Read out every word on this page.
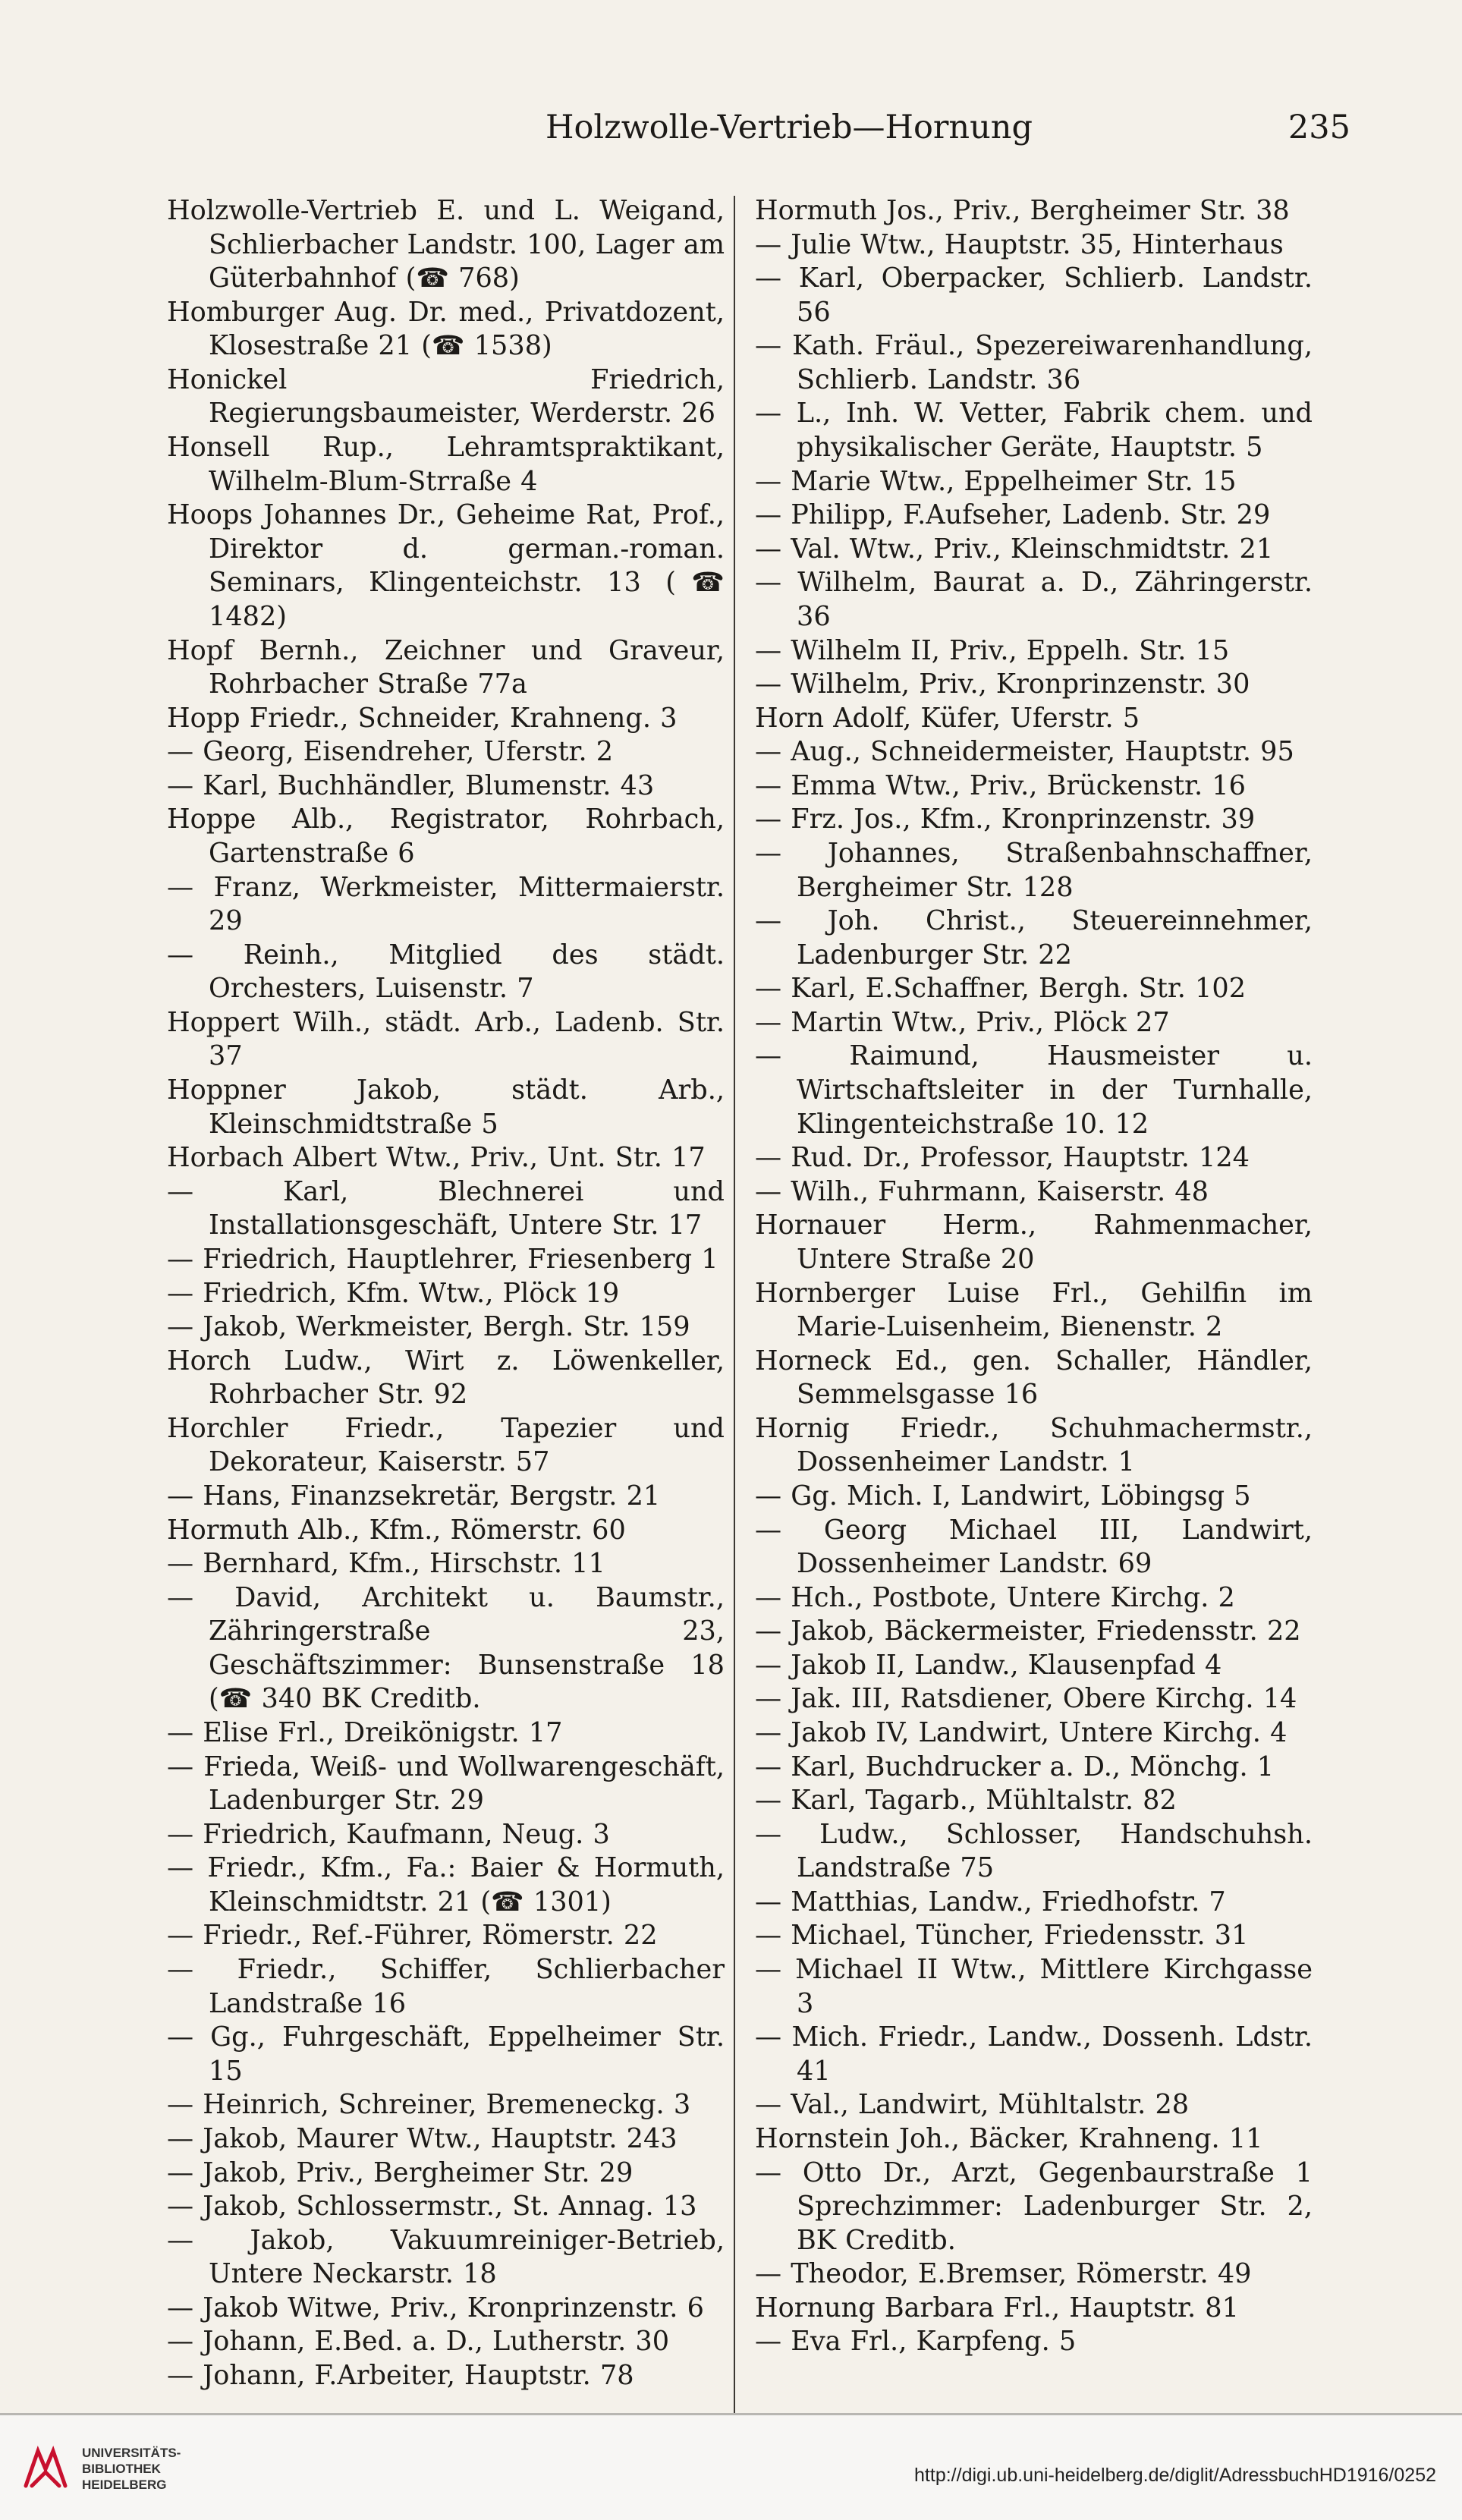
Holzwolle-Vertrieb—Hornung	235

Holzwolle-Vertrieb E. und L. Weigand, Schlierbacher Landstr. 100, Lager am Güterbahnhof (☎ 768)

Homburger Aug. Dr. med., Privatdozent, Klosestraße 21 (☎ 1538)

Honickel Friedrich, Regierungsbaumeister, Werderstr. 26

Honsell Rup., Lehramtspraktikant, Wilhelm-Blum-Strraße 4

Hoops Johannes Dr., Geheime Rat, Prof., Direktor d. german.-roman. Seminars, Klingenteichstr. 13 (☎ 1482)

Hopf Bernh., Zeichner und Graveur, Rohrbacher Straße 77a

Hopp Friedr., Schneider, Krahneng. 3

— Georg, Eisendreher, Uferstr. 2

— Karl, Buchhändler, Blumenstr. 43

Hoppe Alb., Registrator, Rohrbach, Gartenstraße 6

— Franz, Werkmeister, Mittermaierstr. 29

— Reinh., Mitglied des städt. Orchesters, Luisenstr. 7

Hoppert Wilh., städt. Arb., Ladenb. Str. 37

Hoppner Jakob, städt. Arb., Kleinschmidtstraße 5

Horbach Albert Wtw., Priv., Unt. Str. 17

— Karl, Blechnerei und Installationsgeschäft, Untere Str. 17

— Friedrich, Hauptlehrer, Friesenberg 1

— Friedrich, Kfm. Wtw., Plöck 19

— Jakob, Werkmeister, Bergh. Str. 159

Horch Ludw., Wirt z. Löwenkeller, Rohrbacher Str. 92

Horchler Friedr., Tapezier und Dekorateur, Kaiserstr. 57

— Hans, Finanzsekretär, Bergstr. 21

Hormuth Alb., Kfm., Römerstr. 60

— Bernhard, Kfm., Hirschstr. 11

— David, Architekt u. Baumstr., Zähringerstraße 23, Geschäftszimmer: Bunsenstraße 18 (☎ 340 BK Creditb.

— Elise Frl., Dreikönigstr. 17

— Frieda, Weiß- und Wollwarengeschäft, Ladenburger Str. 29

— Friedrich, Kaufmann, Neug. 3

— Friedr., Kfm., Fa.: Baier & Hormuth, Kleinschmidtstr. 21 (☎ 1301)

— Friedr., Ref.-Führer, Römerstr. 22

— Friedr., Schiffer, Schlierbacher Landstraße 16

— Gg., Fuhrgeschäft, Eppelheimer Str. 15

— Heinrich, Schreiner, Bremeneckg. 3

— Jakob, Maurer Wtw., Hauptstr. 243

— Jakob, Priv., Bergheimer Str. 29

— Jakob, Schlossermstr., St. Annag. 13

— Jakob, Vakuumreiniger-Betrieb, Untere Neckarstr. 18

— Jakob Witwe, Priv., Kronprinzenstr. 6

— Johann, E.Bed. a. D., Lutherstr. 30

— Johann, F.Arbeiter, Hauptstr. 78

Hormuth Jos., Priv., Bergheimer Str. 38

— Julie Wtw., Hauptstr. 35, Hinterhaus

— Karl, Oberpacker, Schlierb. Landstr. 56

— Kath. Fräul., Spezereiwarenhandlung, Schlierb. Landstr. 36

— L., Inh. W. Vetter, Fabrik chem. und physikalischer Geräte, Hauptstr. 5

— Marie Wtw., Eppelheimer Str. 15

— Philipp, F.Aufseher, Ladenb. Str. 29

— Val. Wtw., Priv., Kleinschmidtstr. 21

— Wilhelm, Baurat a. D., Zähringerstr. 36

— Wilhelm II, Priv., Eppelh. Str. 15

— Wilhelm, Priv., Kronprinzenstr. 30

Horn Adolf, Küfer, Uferstr. 5

— Aug., Schneidermeister, Hauptstr. 95

— Emma Wtw., Priv., Brückenstr. 16

— Frz. Jos., Kfm., Kronprinzenstr. 39

— Johannes, Straßenbahnschaffner, Bergheimer Str. 128

— Joh. Christ., Steuereinnehmer, Ladenburger Str. 22

— Karl, E.Schaffner, Bergh. Str. 102

— Martin Wtw., Priv., Plöck 27

— Raimund, Hausmeister u. Wirtschaftsleiter in der Turnhalle, Klingenteichstraße 10. 12

— Rud. Dr., Professor, Hauptstr. 124

— Wilh., Fuhrmann, Kaiserstr. 48

Hornauer Herm., Rahmenmacher, Untere Straße 20

Hornberger Luise Frl., Gehilfin im Marie-Luisenheim, Bienenstr. 2

Horneck Ed., gen. Schaller, Händler, Semmelsgasse 16

Hornig Friedr., Schuhmachermstr., Dossenheimer Landstr. 1

— Gg. Mich. I, Landwirt, Löbingsg 5

— Georg Michael III, Landwirt, Dossenheimer Landstr. 69

— Hch., Postbote, Untere Kirchg. 2

— Jakob, Bäckermeister, Friedensstr. 22

— Jakob II, Landw., Klausenpfad 4

— Jak. III, Ratsdiener, Obere Kirchg. 14

— Jakob IV, Landwirt, Untere Kirchg. 4

— Karl, Buchdrucker a. D., Mönchg. 1

— Karl, Tagarb., Mühltalstr. 82

— Ludw., Schlosser, Handschuhsh. Landstraße 75

— Matthias, Landw., Friedhofstr. 7

— Michael, Tüncher, Friedensstr. 31

— Michael II Wtw., Mittlere Kirchgasse 3

— Mich. Friedr., Landw., Dossenh. Ldstr. 41

— Val., Landwirt, Mühltalstr. 28

Hornstein Joh., Bäcker, Krahneng. 11

— Otto Dr., Arzt, Gegenbaurstraße 1 Sprechzimmer: Ladenburger Str. 2, BK Creditb.

— Theodor, E.Bremser, Römerstr. 49

Hornung Barbara Frl., Hauptstr. 81

— Eva Frl., Karpfeng. 5

UNIVERSITÄTS-
BIBLIOTHEK
HEIDELBERG	http://digi.ub.uni-heidelberg.de/diglit/AdressbuchHD1916/0252
